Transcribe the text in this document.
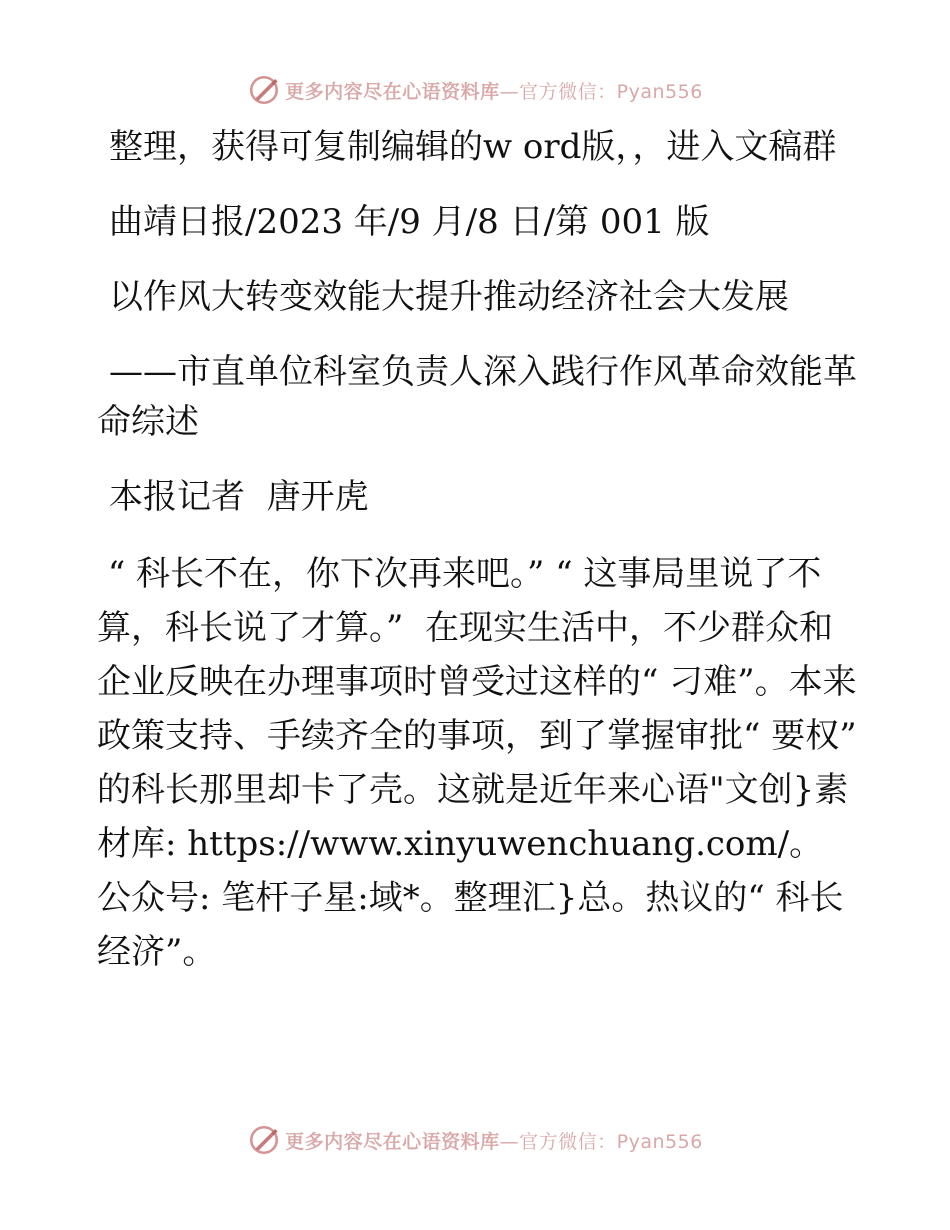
更多内容尽在心语资料库 —官方微信：Pyan556

整理，获得可复制编辑的w ord版，，进入文稿群

曲靖日报/2023 年/9 月/8 日/第 001 版

以作风大转变效能大提升推动经济社会大发展

——市直单位科室负责人深入践行作风革命效能革命综述

本报记者  唐开虎

“ 科长不在，你下次再来吧。” “ 这事局里说了不算，科长说了才算。”  在现实生活中，不少群众和企业反映在办理事项时曾受过这样的“ 刁难”。本来政策支持、手续齐全的事项，到了掌握审批“ 要权” 的科长那里却卡了壳。这就是近年来心语"文创}素材库: https://www.xinyuwenchuang.com/。公众号: 笔杆子星:域*。整理汇}总。热议的“ 科长经济”。

更多内容尽在心语资料库 —官方微信：Pyan556
